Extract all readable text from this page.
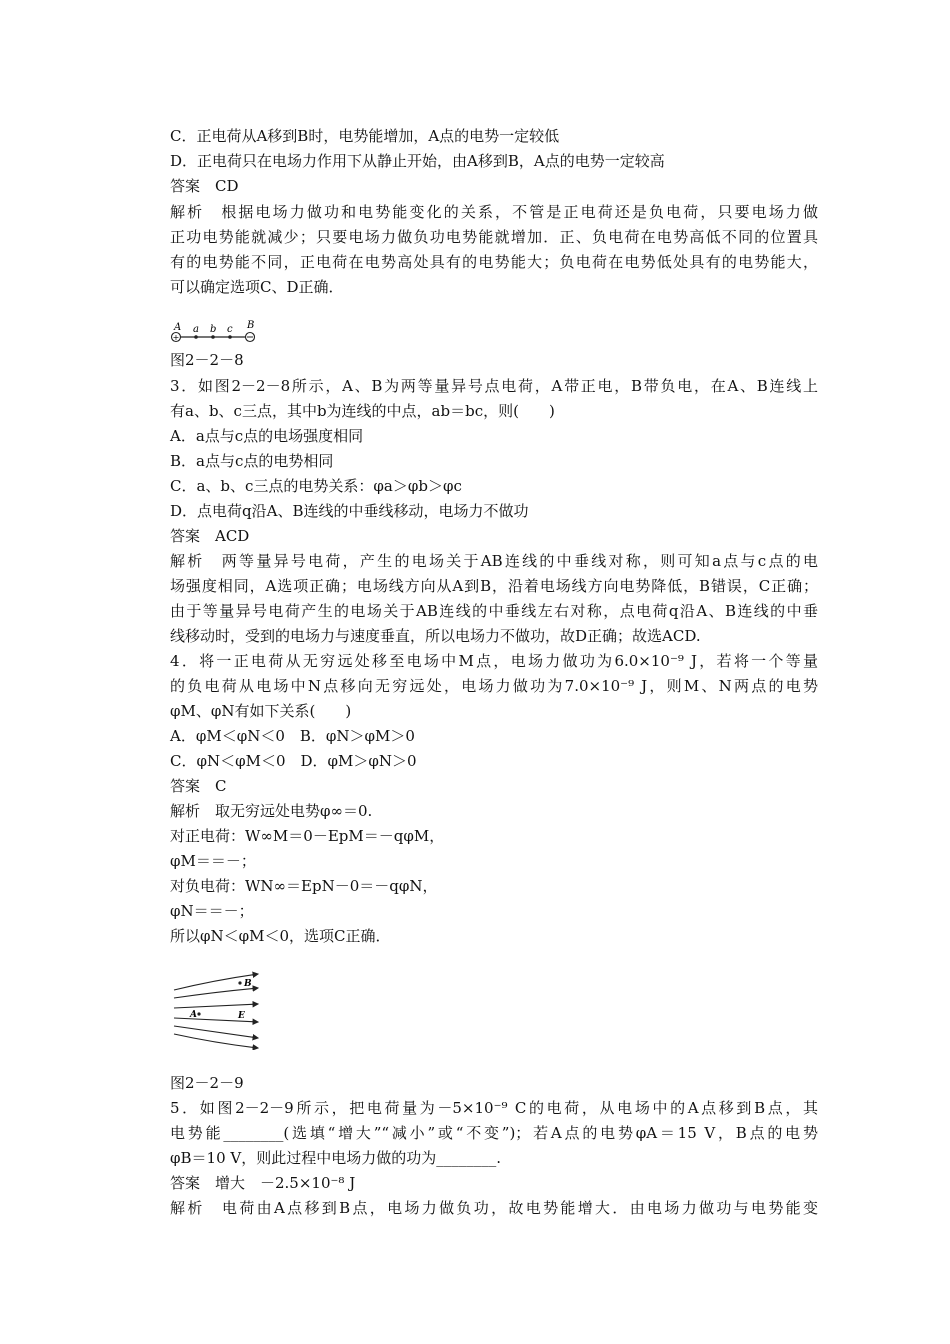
C．正电荷从A移到B时，电势能增加，A点的电势一定较低
D．正电荷只在电场力作用下从静止开始，由A移到B，A点的电势一定较高
答案　CD
解析　根据电场力做功和电势能变化的关系，不管是正电荷还是负电荷，只要电场力做
正功电势能就减少；只要电场力做负功电势能就增加．正、负电荷在电势高低不同的位置具
有的电势能不同，正电荷在电势高处具有的电势能大；负电荷在电势低处具有的电势能大，
可以确定选项C、D正确．
+
A a b c B
图2－2－8
3．如图2－2－8所示，A、B为两等量异号点电荷，A带正电，B带负电，在A、B连线上
有a、b、c三点，其中b为连线的中点，ab＝bc，则(　　)
A．a点与c点的电场强度相同
B．a点与c点的电势相同
C．a、b、c三点的电势关系：φa＞φb＞φc
D．点电荷q沿A、B连线的中垂线移动，电场力不做功
答案　ACD
解析　两等量异号电荷，产生的电场关于AB连线的中垂线对称，则可知a点与c点的电
场强度相同，A选项正确；电场线方向从A到B，沿着电场线方向电势降低，B错误，C正确；
由于等量异号电荷产生的电场关于AB连线的中垂线左右对称，点电荷q沿A、B连线的中垂
线移动时，受到的电场力与速度垂直，所以电场力不做功，故D正确；故选ACD.
4．将一正电荷从无穷远处移至电场中M点，电场力做功为6.0×10⁻⁹ J，若将一个等量
的负电荷从电场中N点移向无穷远处，电场力做功为7.0×10⁻⁹ J，则M、N两点的电势
φM、φN有如下关系(　　)
A．φM＜φN＜0　B．φN＞φM＞0
C．φN＜φM＜0　D．φM＞φN＞0
答案　C
解析　取无穷远处电势φ∞＝0.
对正电荷：W∞M＝0－EpM＝－qφM，
φM＝＝－；
对负电荷：WN∞＝EpN－0＝－qφN，
φN＝＝－；
所以φN＜φM＜0，选项C正确．
B
A	E
图2－2－9
5．如图2－2－9所示，把电荷量为－5×10⁻⁹ C的电荷，从电场中的A点移到B点，其
电势能________(选填“增大”“减小”或“不变”)；若A点的电势φA＝15 V，B点的电势
φB＝10 V，则此过程中电场力做的功为________.
答案　增大　－2.5×10⁻⁸ J
解析　电荷由A点移到B点，电场力做负功，故电势能增大．由电场力做功与电势能变
